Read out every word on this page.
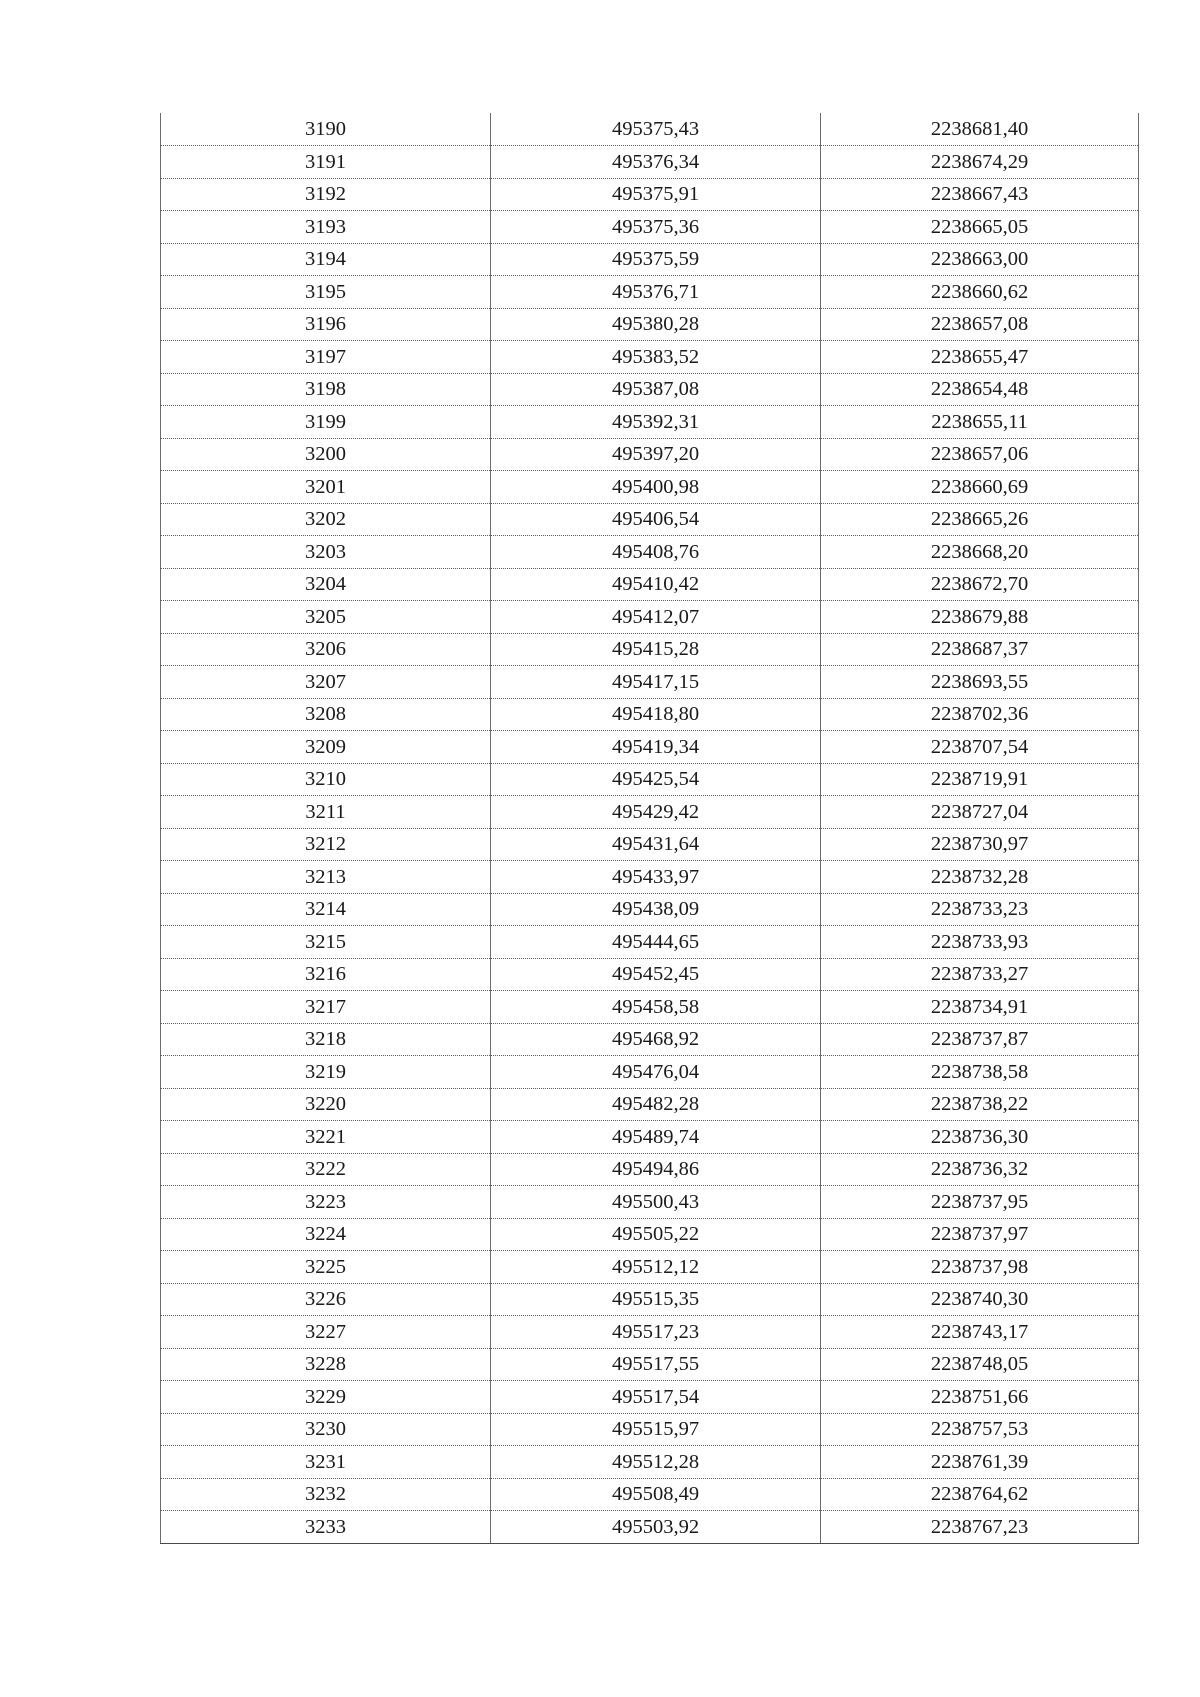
3190	495375,43	2238681,40
3191	495376,34	2238674,29
3192	495375,91	2238667,43
3193	495375,36	2238665,05
3194	495375,59	2238663,00
3195	495376,71	2238660,62
3196	495380,28	2238657,08
3197	495383,52	2238655,47
3198	495387,08	2238654,48
3199	495392,31	2238655,11
3200	495397,20	2238657,06
3201	495400,98	2238660,69
3202	495406,54	2238665,26
3203	495408,76	2238668,20
3204	495410,42	2238672,70
3205	495412,07	2238679,88
3206	495415,28	2238687,37
3207	495417,15	2238693,55
3208	495418,80	2238702,36
3209	495419,34	2238707,54
3210	495425,54	2238719,91
3211	495429,42	2238727,04
3212	495431,64	2238730,97
3213	495433,97	2238732,28
3214	495438,09	2238733,23
3215	495444,65	2238733,93
3216	495452,45	2238733,27
3217	495458,58	2238734,91
3218	495468,92	2238737,87
3219	495476,04	2238738,58
3220	495482,28	2238738,22
3221	495489,74	2238736,30
3222	495494,86	2238736,32
3223	495500,43	2238737,95
3224	495505,22	2238737,97
3225	495512,12	2238737,98
3226	495515,35	2238740,30
3227	495517,23	2238743,17
3228	495517,55	2238748,05
3229	495517,54	2238751,66
3230	495515,97	2238757,53
3231	495512,28	2238761,39
3232	495508,49	2238764,62
3233	495503,92	2238767,23
